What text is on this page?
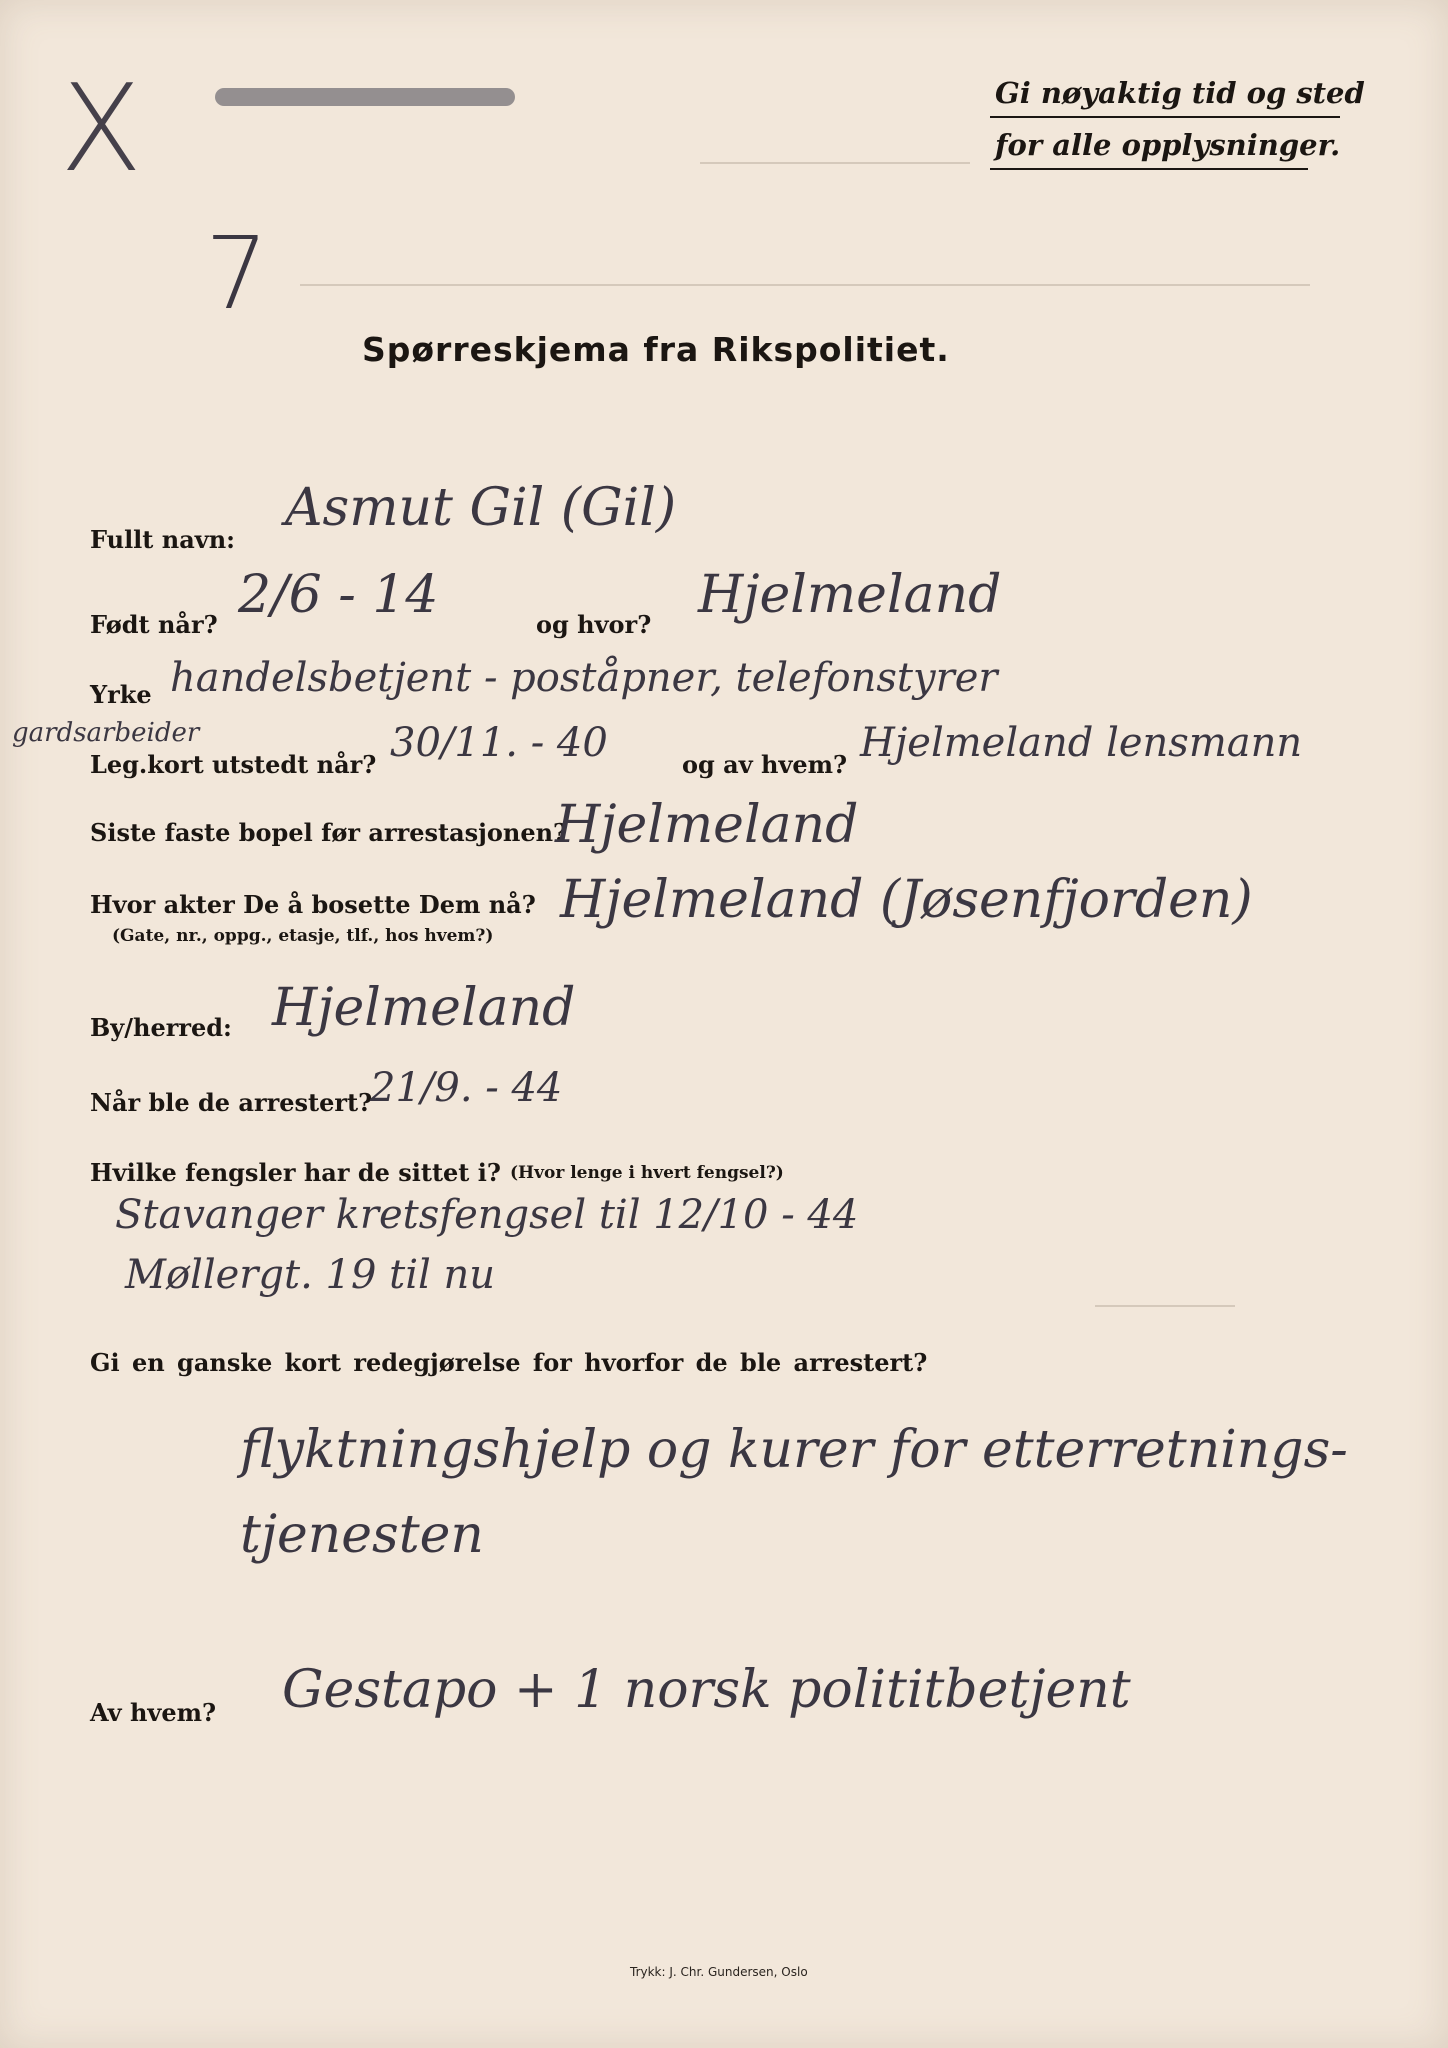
X
7
Gi nøyaktig tid og sted
for alle opplysninger.
Spørreskjema fra Rikspolitiet.
Fullt navn:
Asmut Gil (Gil)
Født når? 2/6 - 14	og hvor? Hjelmeland
Yrke handelsbetjent - poståpner, telefonstyrer
gardsarbeider
Leg.kort utstedt når? 30/11. - 40	og av hvem? Hjelmeland lensmann
Siste faste bopel før arrestasjonen?
Hjelmeland
Hvor akter De å bosette Dem nå?
(Gate, nr., oppg., etasje, tlf., hos hvem?)
Hjelmeland (Jøsenfjorden)
By/herred: Hjelmeland
Når ble de arrestert?
21/9. - 44
Hvilke fengsler har de sittet i? (Hvor lenge i hvert fengsel?)
Stavanger kretsfengsel til 12/10 - 44
Møllergt. 19 til nu
Gi en ganske kort redegjørelse for hvorfor de ble arrestert?
flyktningshjelp og kurer for etterretnings-
tjenesten
Av hvem? Gestapo + 1 norsk polititbetjent
Trykk: J. Chr. Gundersen, Oslo
